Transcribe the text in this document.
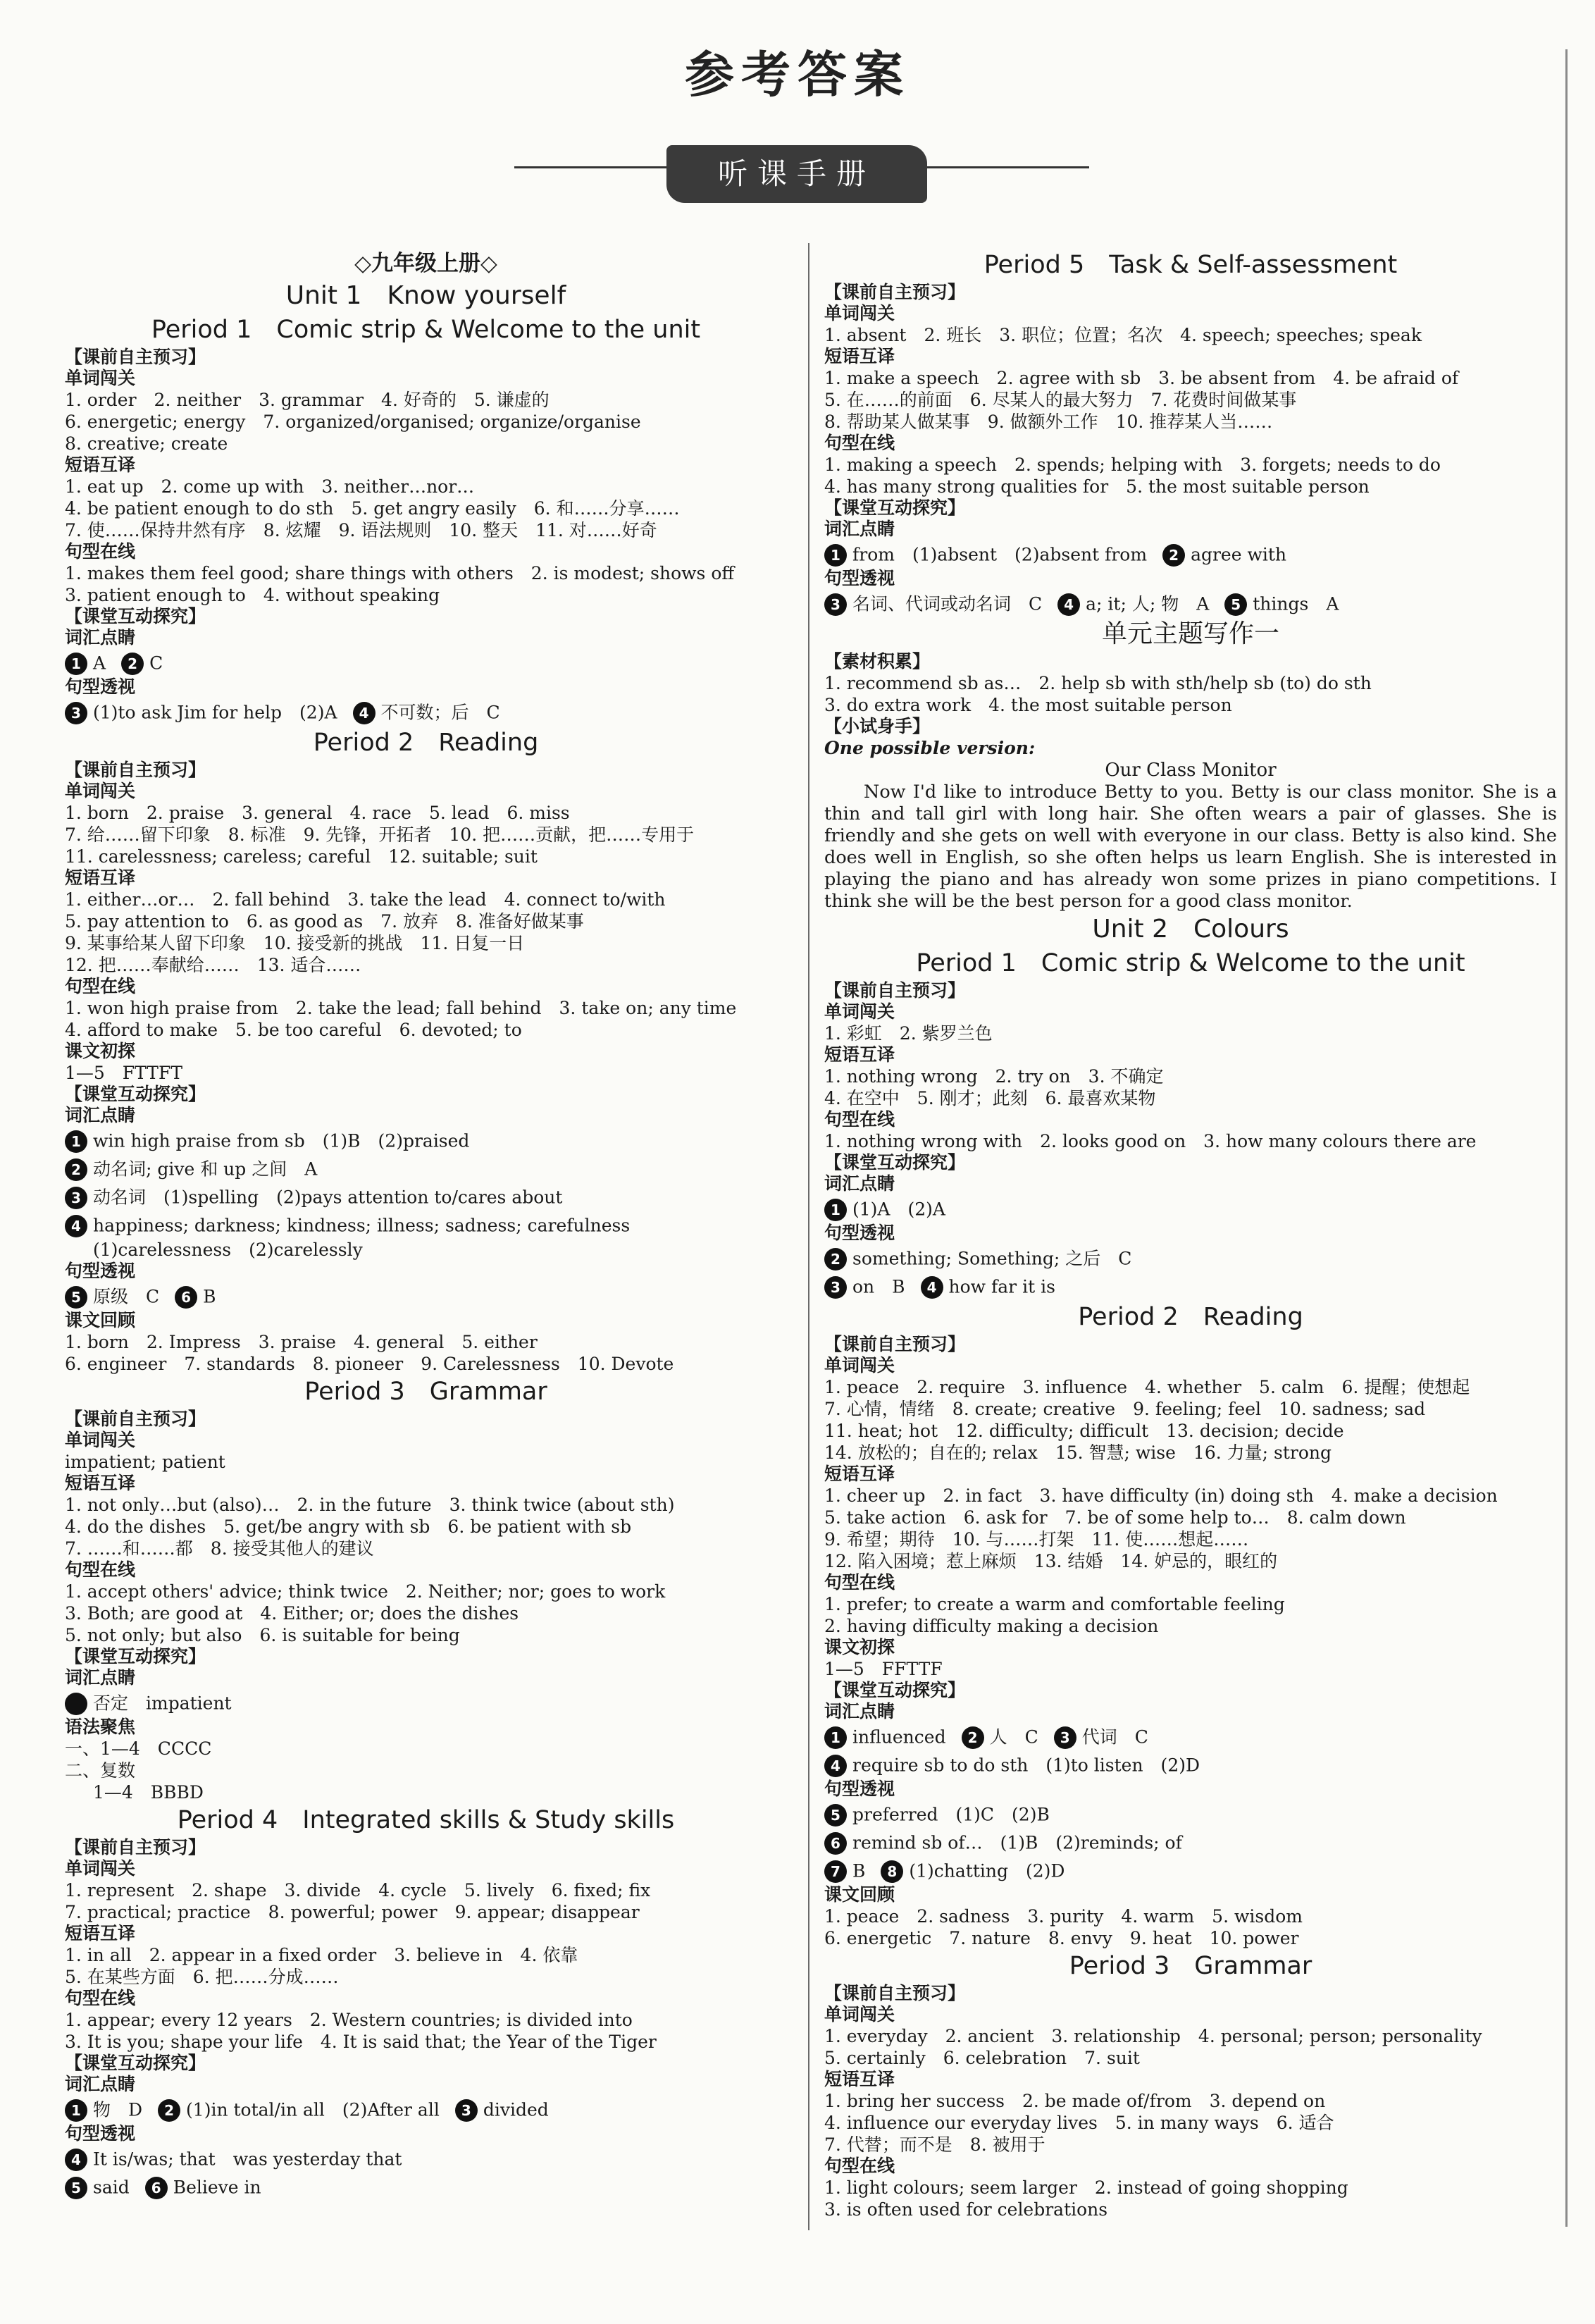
参考答案
听课手册
◇九年级上册◇
Unit 1　Know yourself
Period 1　Comic strip & Welcome to the unit
【课前自主预习】
单词闯关
1. order　2. neither　3. grammar　4. 好奇的　5. 谦虚的
6. energetic; energy　7. organized/organised; organize/organise
8. creative; create
短语互译
1. eat up　2. come up with　3. neither…nor…
4. be patient enough to do sth　5. get angry easily　6. 和……分享……
7. 使……保持井然有序　8. 炫耀　9. 语法规则　10. 整天　11. 对……好奇
句型在线
1. makes them feel good; share things with others　2. is modest; shows off
3. patient enough to　4. without speaking
【课堂互动探究】
词汇点睛
1 A 2 C
句型透视
3 (1)to ask Jim for help　(2)A 4 不可数；后　C
Period 2　Reading
【课前自主预习】
单词闯关
1. born　2. praise　3. general　4. race　5. lead　6. miss
7. 给……留下印象　8. 标准　9. 先锋，开拓者　10. 把……贡献，把……专用于
11. carelessness; careless; careful　12. suitable; suit
短语互译
1. either…or…　2. fall behind　3. take the lead　4. connect to/with
5. pay attention to　6. as good as　7. 放弃　8. 准备好做某事
9. 某事给某人留下印象　10. 接受新的挑战　11. 日复一日
12. 把……奉献给……　13. 适合……
句型在线
1. won high praise from　2. take the lead; fall behind　3. take on; any time
4. afford to make　5. be too careful　6. devoted; to
课文初探
1—5　FTTFT
【课堂互动探究】
词汇点睛
1 win high praise from sb　(1)B　(2)praised
2 动名词; give 和 up 之间　A
3 动名词　(1)spelling　(2)pays attention to/cares about
4 happiness; darkness; kindness; illness; sadness; carefulness
(1)carelessness　(2)carelessly
句型透视
5 原级　C 6 B
课文回顾
1. born　2. Impress　3. praise　4. general　5. either
6. engineer　7. standards　8. pioneer　9. Carelessness　10. Devote
Period 3　Grammar
【课前自主预习】
单词闯关
impatient; patient
短语互译
1. not only…but (also)…　2. in the future　3. think twice (about sth)
4. do the dishes　5. get/be angry with sb　6. be patient with sb
7. ……和……都　8. 接受其他人的建议
句型在线
1. accept others' advice; think twice　2. Neither; nor; goes to work
3. Both; are good at　4. Either; or; does the dishes
5. not only; but also　6. is suitable for being
【课堂互动探究】
词汇点睛
否定　impatient
语法聚焦
一、1—4　CCCC
二、复数
1—4　BBBD
Period 4　Integrated skills & Study skills
【课前自主预习】
单词闯关
1. represent　2. shape　3. divide　4. cycle　5. lively　6. fixed; fix
7. practical; practice　8. powerful; power　9. appear; disappear
短语互译
1. in all　2. appear in a fixed order　3. believe in　4. 依靠
5. 在某些方面　6. 把……分成……
句型在线
1. appear; every 12 years　2. Western countries; is divided into
3. It is you; shape your life　4. It is said that; the Year of the Tiger
【课堂互动探究】
词汇点睛
1 物　D 2 (1)in total/in all　(2)After all 3 divided
句型透视
4 It is/was; that　was yesterday that
5 said 6 Believe in
Period 5　Task & Self-assessment
【课前自主预习】
单词闯关
1. absent　2. 班长　3. 职位；位置；名次　4. speech; speeches; speak
短语互译
1. make a speech　2. agree with sb　3. be absent from　4. be afraid of
5. 在……的前面　6. 尽某人的最大努力　7. 花费时间做某事
8. 帮助某人做某事　9. 做额外工作　10. 推荐某人当……
句型在线
1. making a speech　2. spends; helping with　3. forgets; needs to do
4. has many strong qualities for　5. the most suitable person
【课堂互动探究】
词汇点睛
1 from　(1)absent　(2)absent from 2 agree with
句型透视
3 名词、代词或动名词　C 4 a; it; 人; 物　A 5 things　A
单元主题写作一
【素材积累】
1. recommend sb as…　2. help sb with sth/help sb (to) do sth
3. do extra work　4. the most suitable person
【小试身手】
One possible version:
Our Class Monitor
Now I'd like to introduce Betty to you. Betty is our class monitor. She is a thin and tall girl with long hair. She often wears a pair of glasses. She is friendly and she gets on well with everyone in our class. Betty is also kind. She does well in English, so she often helps us learn English. She is interested in playing the piano and has already won some prizes in piano competitions. I think she will be the best person for a good class monitor.
Unit 2　Colours
Period 1　Comic strip & Welcome to the unit
【课前自主预习】
单词闯关
1. 彩虹　2. 紫罗兰色
短语互译
1. nothing wrong　2. try on　3. 不确定
4. 在空中　5. 刚才；此刻　6. 最喜欢某物
句型在线
1. nothing wrong with　2. looks good on　3. how many colours there are
【课堂互动探究】
词汇点睛
1 (1)A　(2)A
句型透视
2 something; Something; 之后　C
3 on　B 4 how far it is
Period 2　Reading
【课前自主预习】
单词闯关
1. peace　2. require　3. influence　4. whether　5. calm　6. 提醒；使想起
7. 心情，情绪　8. create; creative　9. feeling; feel　10. sadness; sad
11. heat; hot　12. difficulty; difficult　13. decision; decide
14. 放松的；自在的; relax　15. 智慧; wise　16. 力量; strong
短语互译
1. cheer up　2. in fact　3. have difficulty (in) doing sth　4. make a decision
5. take action　6. ask for　7. be of some help to…　8. calm down
9. 希望；期待　10. 与……打架　11. 使……想起……
12. 陷入困境；惹上麻烦　13. 结婚　14. 妒忌的，眼红的
句型在线
1. prefer; to create a warm and comfortable feeling
2. having difficulty making a decision
课文初探
1—5　FFTTF
【课堂互动探究】
词汇点睛
1 influenced 2 人　C 3 代词　C
4 require sb to do sth　(1)to listen　(2)D
句型透视
5 preferred　(1)C　(2)B
6 remind sb of…　(1)B　(2)reminds; of
7 B 8 (1)chatting　(2)D
课文回顾
1. peace　2. sadness　3. purity　4. warm　5. wisdom
6. energetic　7. nature　8. envy　9. heat　10. power
Period 3　Grammar
【课前自主预习】
单词闯关
1. everyday　2. ancient　3. relationship　4. personal; person; personality
5. certainly　6. celebration　7. suit
短语互译
1. bring her success　2. be made of/from　3. depend on
4. influence our everyday lives　5. in many ways　6. 适合
7. 代替；而不是　8. 被用于
句型在线
1. light colours; seem larger　2. instead of going shopping
3. is often used for celebrations
